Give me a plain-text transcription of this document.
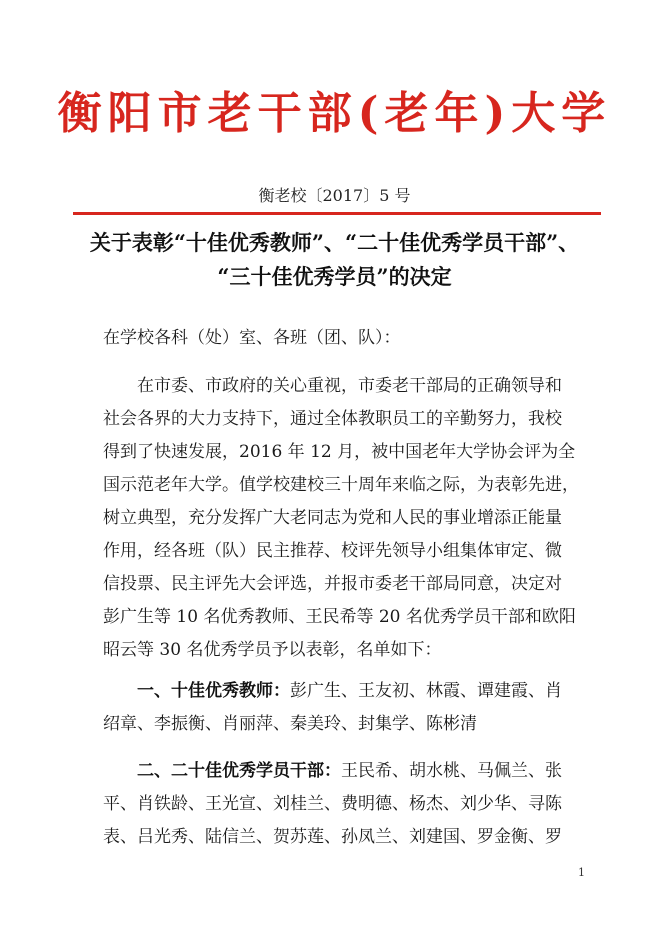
衡阳市老干部(老年)大学
衡老校〔2017〕5 号
关于表彰“十佳优秀教师”、“二十佳优秀学员干部”、
“三十佳优秀学员”的决定
在学校各科（处）室、各班（团、队）：
在市委、市政府的关心重视，市委老干部局的正确领导和
社会各界的大力支持下，通过全体教职员工的辛勤努力，我校
得到了快速发展，2016 年 12 月，被中国老年大学协会评为全
国示范老年大学。值学校建校三十周年来临之际，为表彰先进，
树立典型，充分发挥广大老同志为党和人民的事业增添正能量
作用，经各班（队）民主推荐、校评先领导小组集体审定、微
信投票、民主评先大会评选，并报市委老干部局同意，决定对
彭广生等 10 名优秀教师、王民希等 20 名优秀学员干部和欧阳
昭云等 30 名优秀学员予以表彰，名单如下：
一、十佳优秀教师：彭广生、王友初、林霞、谭建霞、肖
绍章、李振衡、肖丽萍、秦美玲、封集学、陈彬清
二、二十佳优秀学员干部：王民希、胡水桃、马佩兰、张
平、肖铁龄、王光宣、刘桂兰、费明德、杨杰、刘少华、寻陈
表、吕光秀、陆信兰、贺苏莲、孙凤兰、刘建国、罗金衡、罗
1
